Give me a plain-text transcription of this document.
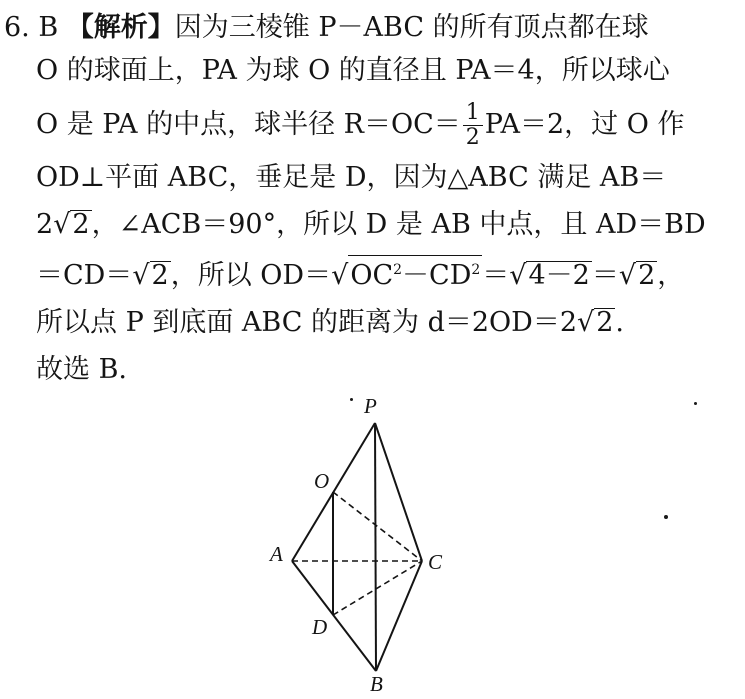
6. B 【解析】因为三棱锥 P－ABC 的所有顶点都在球
O 的球面上，PA 为球 O 的直径且 PA＝4，所以球心
O 是 PA 的中点，球半径 $R=OC= \frac{1}{2} PA=2$，过 O 作
OD⊥平面 ABC，垂足是 D，因为△ABC 满足 AB＝
2√2，∠ACB＝90°，所以 D 是 AB 中点，且 AD＝BD
＝CD＝√2，所以 $OD=√OC^2-CD^2=√4-2=√2$，
所以点 P 到底面 ABC 的距离为 d＝2OD＝2√2.
故选 B.
P
O
A	C
D
B
